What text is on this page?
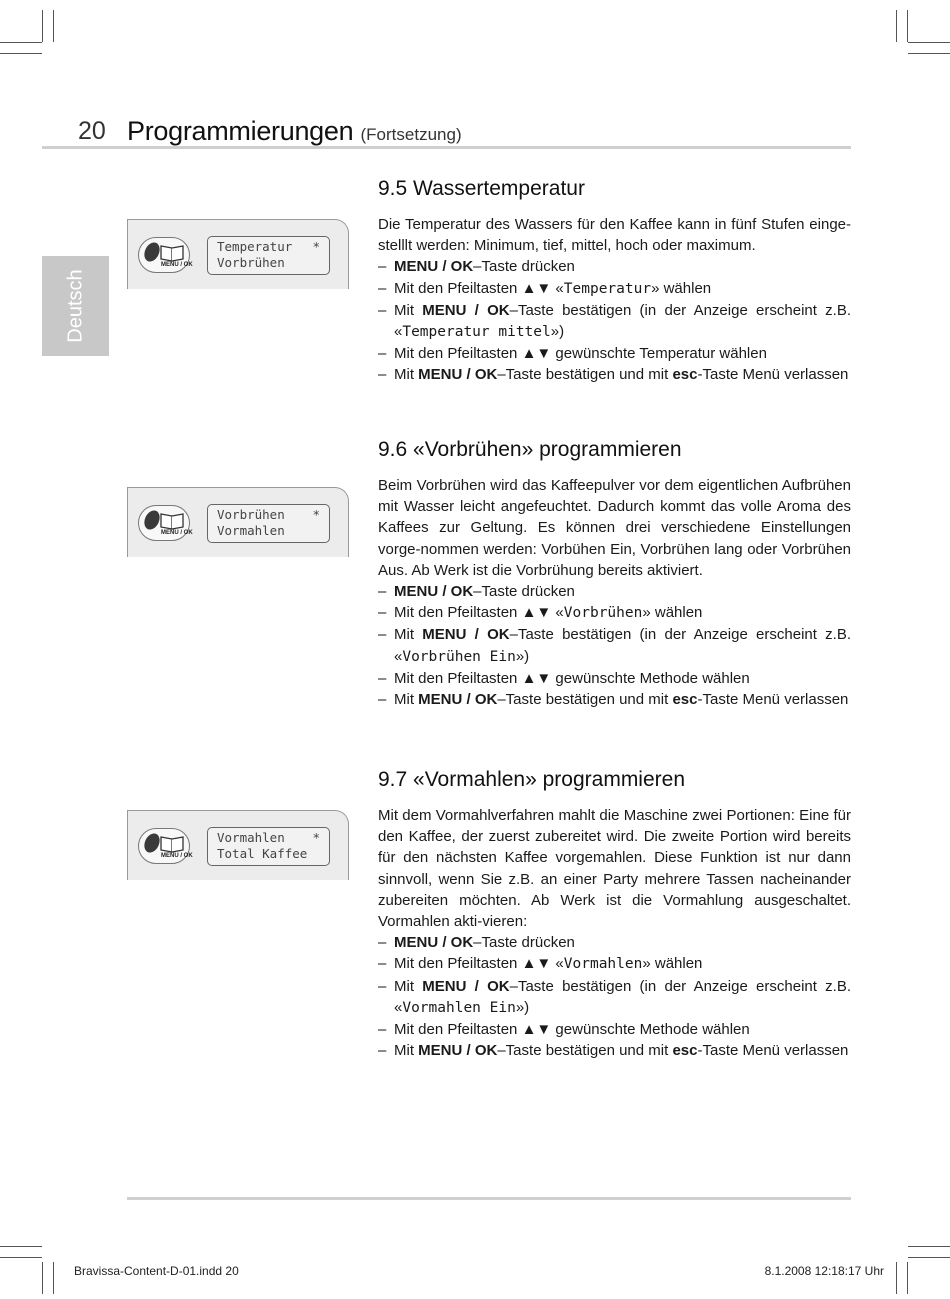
20 Programmierungen (Fortsetzung)
Deutsch
MENU / OK
Temperatur *
Vorbrühen
MENU / OK
Vorbrühen *
Vormahlen
MENU / OK
Vormahlen *
Total Kaffee
9.5 Wassertemperatur

Die Temperatur des Wassers für den Kaffee kann in fünf Stufen einge-stelllt werden: Minimum, tief, mittel, hoch oder maximum.

– MENU / OK–Taste drücken
– Mit den Pfeiltasten ▲▼ «Temperatur» wählen
– Mit MENU / OK–Taste bestätigen (in der Anzeige erscheint z.B. «Temperatur mittel»)
– Mit den Pfeiltasten ▲▼ gewünschte Temperatur wählen
– Mit MENU / OK–Taste bestätigen und mit esc-Taste Menü verlassen
9.6 «Vorbrühen» programmieren

Beim Vorbrühen wird das Kaffeepulver vor dem eigentlichen Aufbrühen mit Wasser leicht angefeuchtet. Dadurch kommt das volle Aroma des Kaffees zur Geltung. Es können drei verschiedene Einstellungen vorge-nommen werden: Vorbühen Ein, Vorbrühen lang oder Vorbrühen Aus. Ab Werk ist die Vorbrühung bereits aktiviert.

– MENU / OK–Taste drücken
– Mit den Pfeiltasten ▲▼ «Vorbrühen» wählen
– Mit MENU / OK–Taste bestätigen (in der Anzeige erscheint z.B. «Vorbrühen Ein»)
– Mit den Pfeiltasten ▲▼ gewünschte Methode wählen
– Mit MENU / OK–Taste bestätigen und mit esc-Taste Menü verlassen
9.7 «Vormahlen» programmieren

Mit dem Vormahlverfahren mahlt die Maschine zwei Portionen: Eine für den Kaffee, der zuerst zubereitet wird. Die zweite Portion wird bereits für den nächsten Kaffee vorgemahlen. Diese Funktion ist nur dann sinnvoll, wenn Sie z.B. an einer Party mehrere Tassen nacheinander zubereiten möchten. Ab Werk ist die Vormahlung ausgeschaltet. Vormahlen akti-vieren:

– MENU / OK–Taste drücken
– Mit den Pfeiltasten ▲▼ «Vormahlen» wählen
– Mit MENU / OK–Taste bestätigen (in der Anzeige erscheint z.B. «Vormahlen Ein»)
– Mit den Pfeiltasten ▲▼ gewünschte Methode wählen
– Mit MENU / OK–Taste bestätigen und mit esc-Taste Menü verlassen
Bravissa-Content-D-01.indd 20	8.1.2008 12:18:17 Uhr
